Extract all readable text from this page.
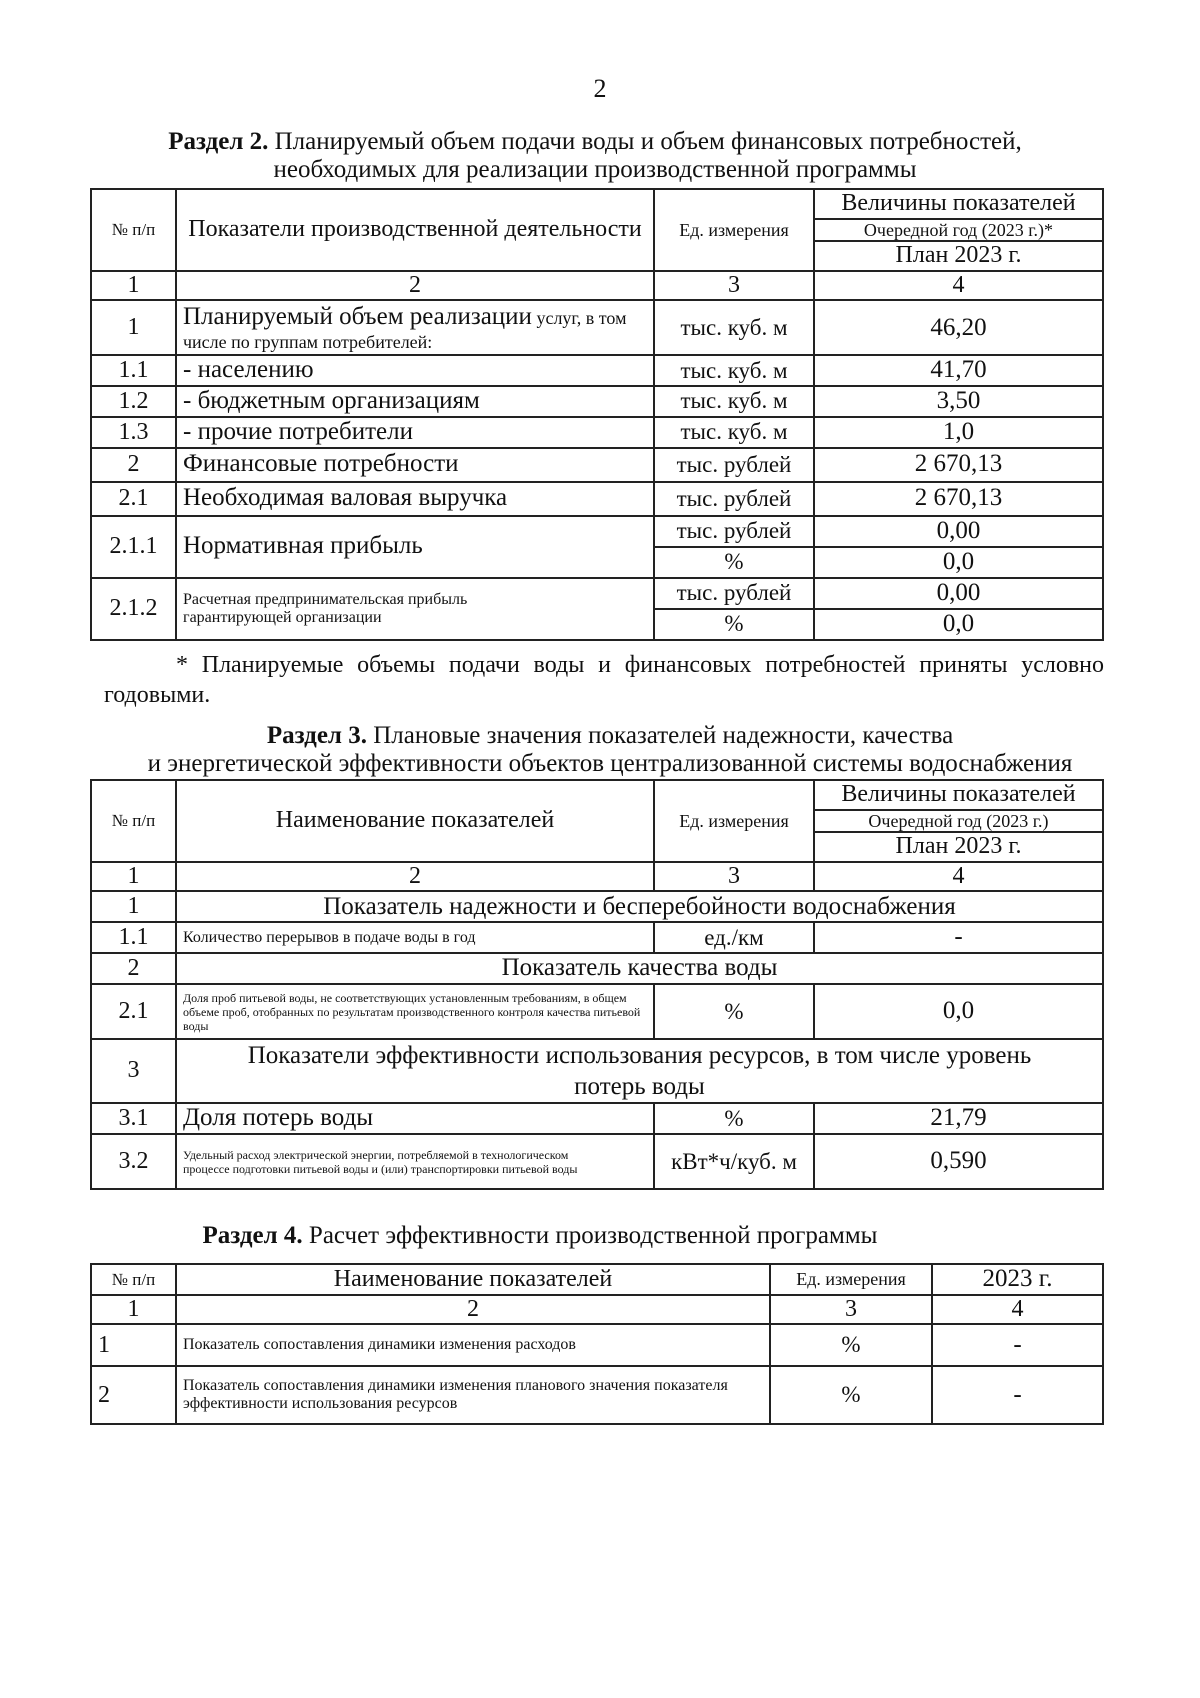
2
Раздел 2. Планируемый объем подачи воды и объем финансовых потребностей,
необходимых для реализации производственной программы
№ п/п	Показатели производственной деятельности	Ед. измерения	Величины показателей
			Очередной год (2023 г.)*
			План 2023 г.
1	2	3	4
1	Планируемый объем реализации услуг, в том числе по группам потребителей:	тыс. куб. м	46,20
1.1	- населению	тыс. куб. м	41,70
1.2	- бюджетным организациям	тыс. куб. м	3,50
1.3	- прочие потребители	тыс. куб. м	1,0
2	Финансовые потребности	тыс. рублей	2 670,13
2.1	Необходимая валовая выручка	тыс. рублей	2 670,13
2.1.1	Нормативная прибыль	тыс. рублей	0,00
		%	0,0
2.1.2	Расчетная предпринимательская прибыль гарантирующей организации	тыс. рублей	0,00
		%	0,0
* Планируемые объемы подачи воды и финансовых потребностей приняты условно годовыми.
Раздел 3. Плановые значения показателей надежности, качества
и энергетической эффективности объектов централизованной системы водоснабжения
№ п/п	Наименование показателей	Ед. измерения	Величины показателей
			Очередной год (2023 г.)
			План 2023 г.
1	2	3	4
1	Показатель надежности и бесперебойности водоснабжения		
1.1	Количество перерывов в подаче воды в год	ед./км	-
2	Показатель качества воды		
2.1	Доля проб питьевой воды, не соответствующих установленным требованиям, в общем объеме проб, отобранных по результатам производственного контроля качества питьевой воды	%	0,0
3	Показатели эффективности использования ресурсов, в том числе уровень потерь воды		
3.1	Доля потерь воды	%	21,79
3.2	Удельный расход электрической энергии, потребляемой в технологическом процессе подготовки питьевой воды и (или) транспортировки питьевой воды	кВт*ч/куб. м	0,590
Раздел 4. Расчет эффективности производственной программы
№ п/п	Наименование показателей	Ед. измерения	2023 г.
1	2	3	4
1	Показатель сопоставления динамики изменения расходов	%	-
2	Показатель сопоставления динамики изменения планового значения показателя эффективности использования ресурсов	%	-
